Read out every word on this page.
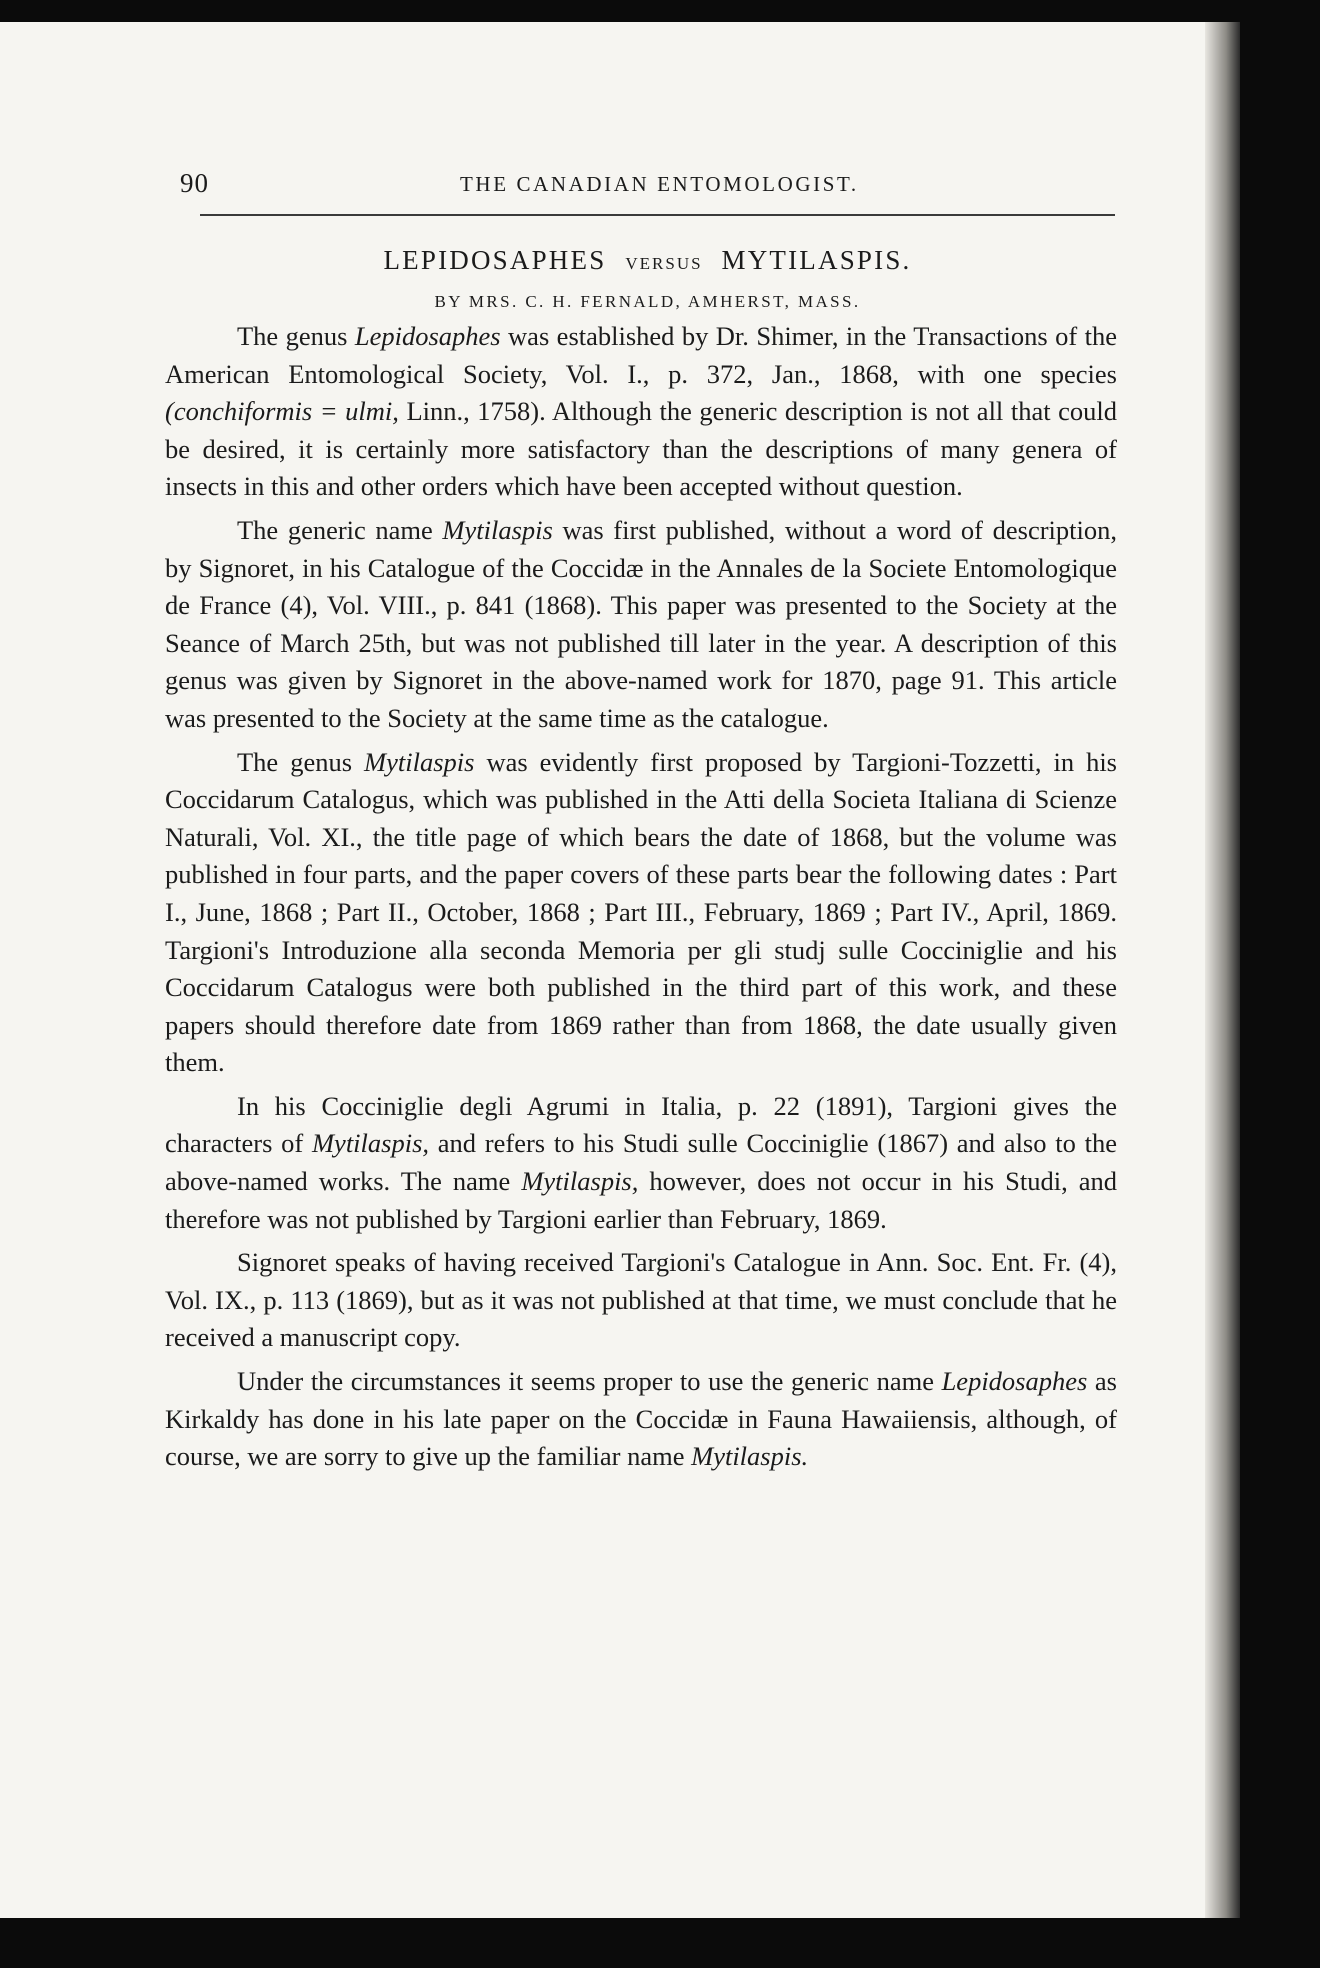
90	THE CANADIAN ENTOMOLOGIST.
LEPIDOSAPHES VERSUS MYTILASPIS.

BY MRS. C. H. FERNALD, AMHERST, MASS.

The genus Lepidosaphes was established by Dr. Shimer, in the Transactions of the American Entomological Society, Vol. I., p. 372, Jan., 1868, with one species (conchiformis = ulmi, Linn., 1758). Although the generic description is not all that could be desired, it is certainly more satisfactory than the descriptions of many genera of insects in this and other orders which have been accepted without question.

The generic name Mytilaspis was first published, without a word of description, by Signoret, in his Catalogue of the Coccidæ in the Annales de la Societe Entomologique de France (4), Vol. VIII., p. 841 (1868). This paper was presented to the Society at the Seance of March 25th, but was not published till later in the year. A description of this genus was given by Signoret in the above-named work for 1870, page 91. This article was presented to the Society at the same time as the catalogue.

The genus Mytilaspis was evidently first proposed by Targioni-Tozzetti, in his Coccidarum Catalogus, which was published in the Atti della Societa Italiana di Scienze Naturali, Vol. XI., the title page of which bears the date of 1868, but the volume was published in four parts, and the paper covers of these parts bear the following dates : Part I., June, 1868 ; Part II., October, 1868 ; Part III., February, 1869 ; Part IV., April, 1869. Targioni's Introduzione alla seconda Memoria per gli studj sulle Cocciniglie and his Coccidarum Catalogus were both published in the third part of this work, and these papers should therefore date from 1869 rather than from 1868, the date usually given them.

In his Cocciniglie degli Agrumi in Italia, p. 22 (1891), Targioni gives the characters of Mytilaspis, and refers to his Studi sulle Cocciniglie (1867) and also to the above-named works. The name Mytilaspis, however, does not occur in his Studi, and therefore was not published by Targioni earlier than February, 1869.

Signoret speaks of having received Targioni's Catalogue in Ann. Soc. Ent. Fr. (4), Vol. IX., p. 113 (1869), but as it was not published at that time, we must conclude that he received a manuscript copy.

Under the circumstances it seems proper to use the generic name Lepidosaphes as Kirkaldy has done in his late paper on the Coccidæ in Fauna Hawaiiensis, although, of course, we are sorry to give up the familiar name Mytilaspis.
